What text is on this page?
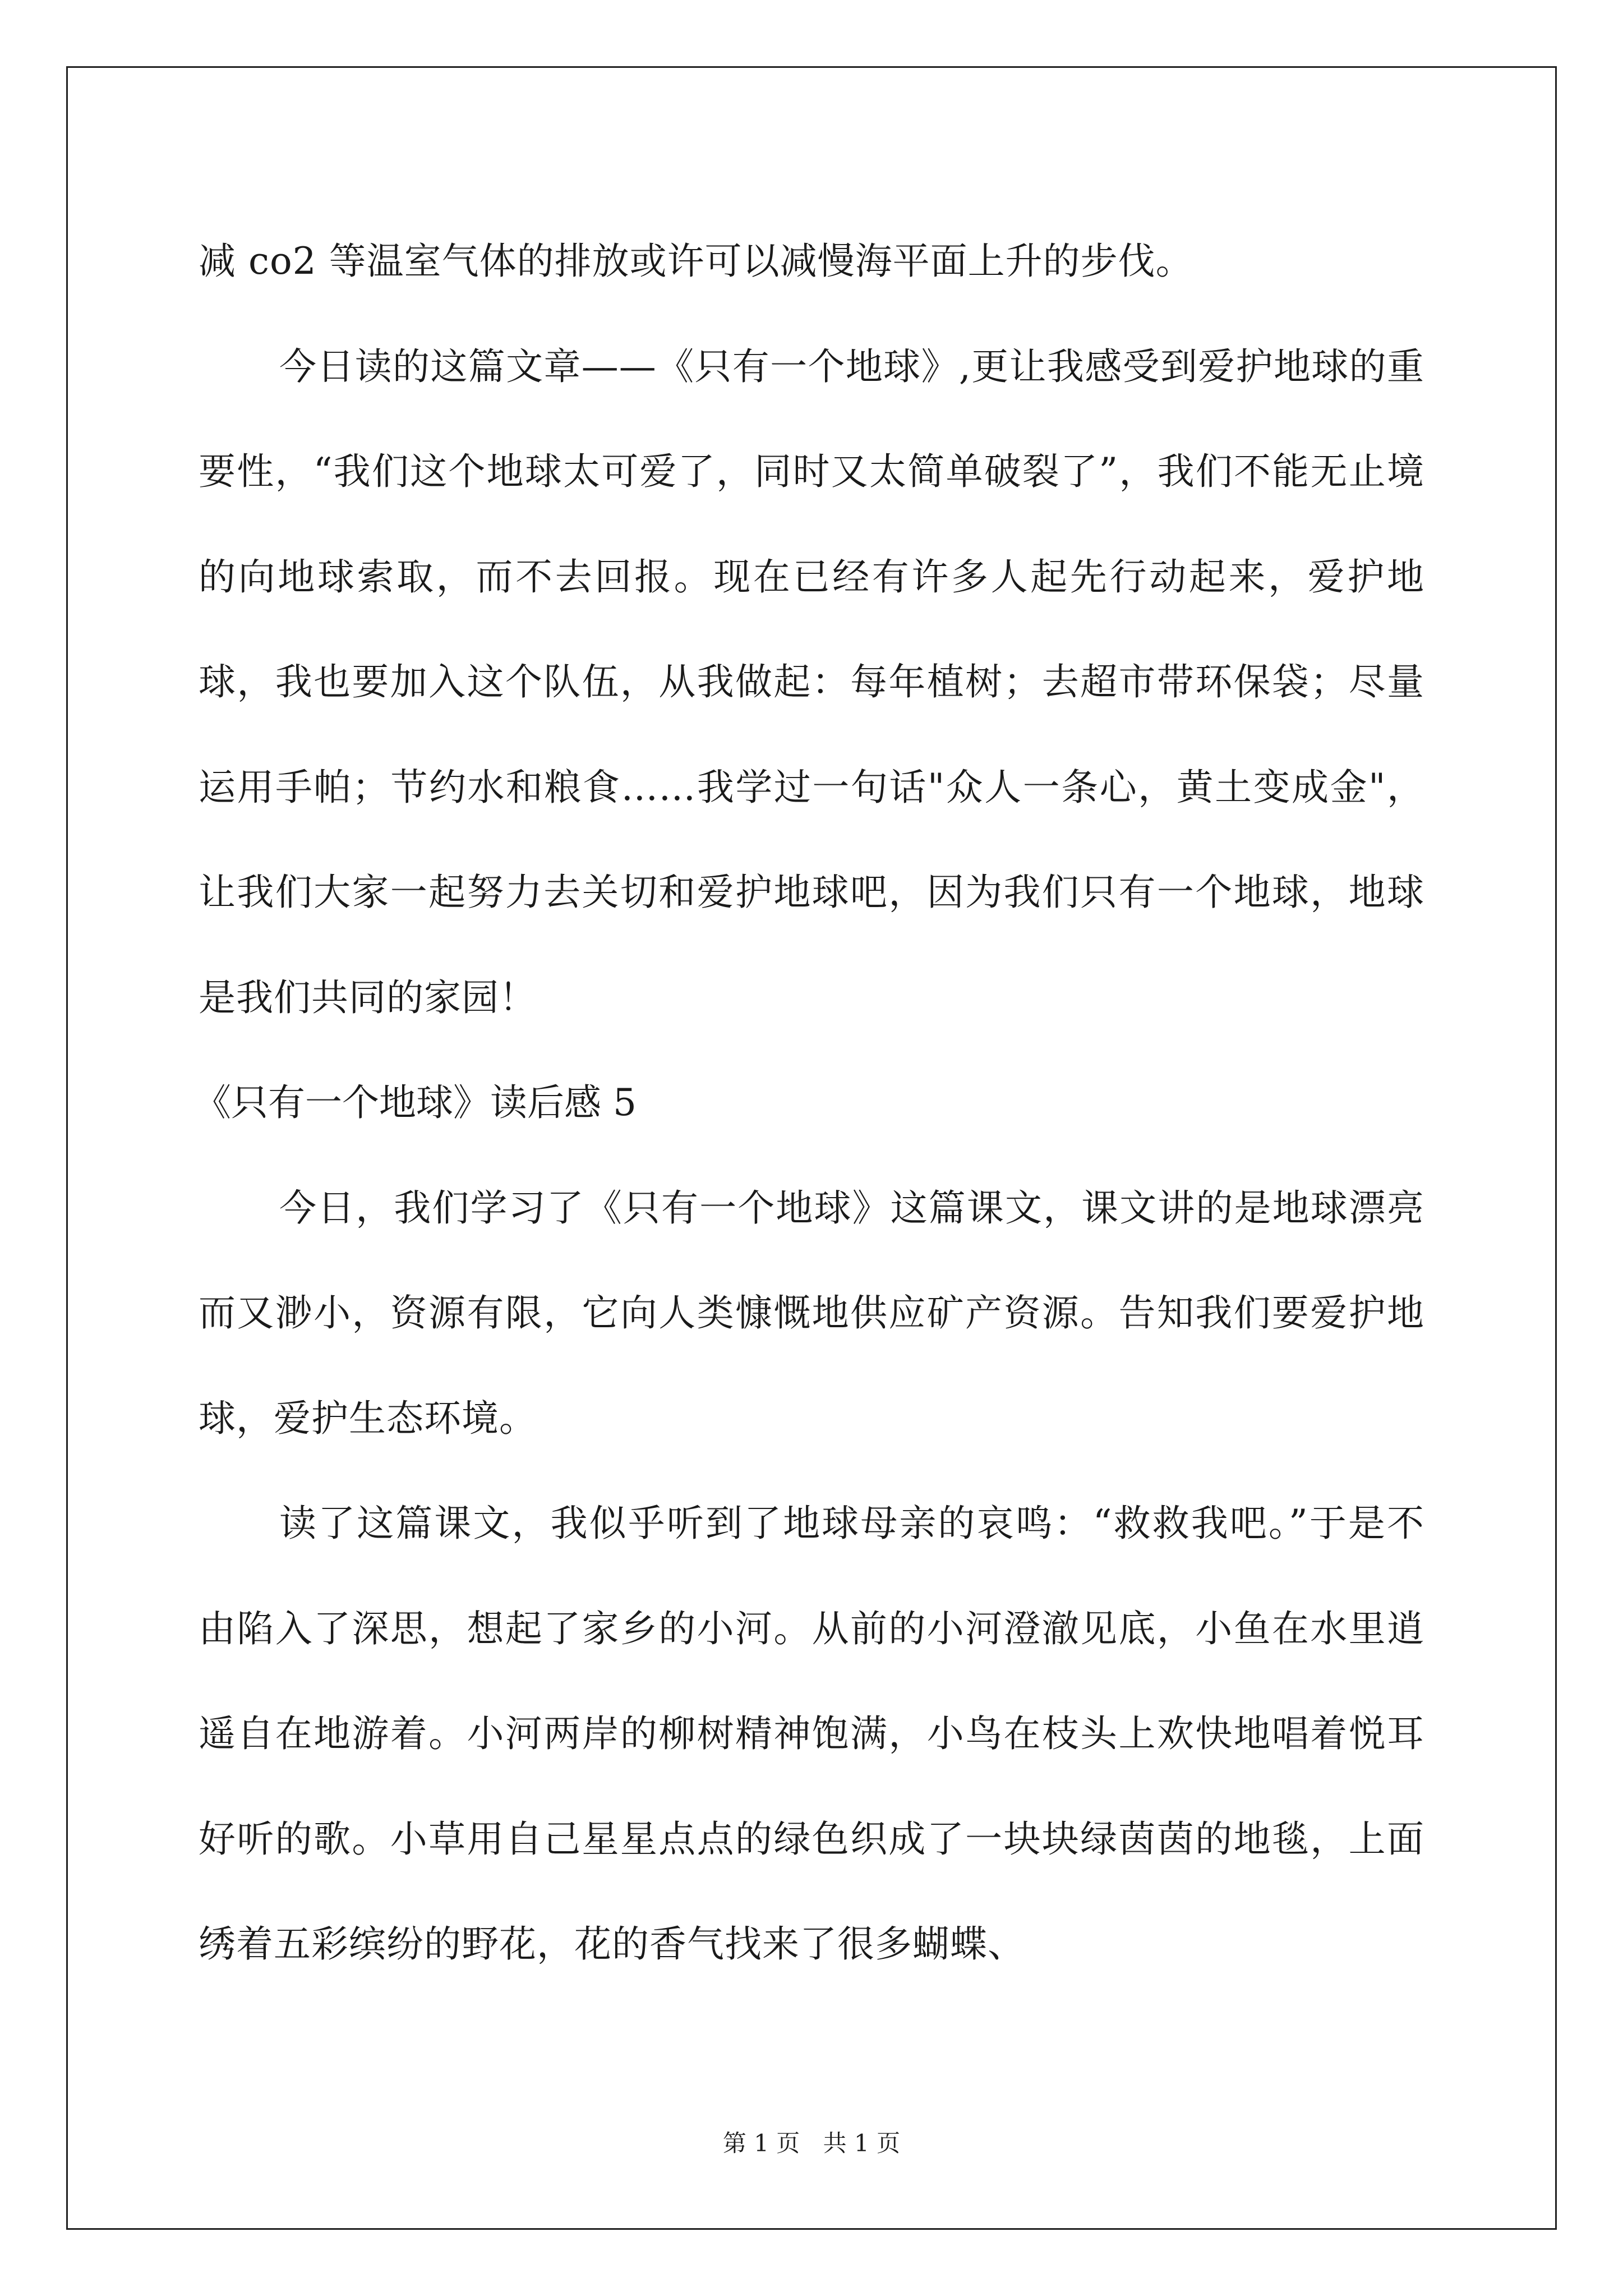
减 co2 等温室气体的排放或许可以减慢海平面上升的步伐。

今日读的这篇文章——《只有一个地球》,更让我感受到爱护地球的重要性，“我们这个地球太可爱了，同时又太简单破裂了”，我们不能无止境的向地球索取，而不去回报。现在已经有许多人起先行动起来，爱护地球，我也要加入这个队伍，从我做起：每年植树；去超市带环保袋；尽量运用手帕；节约水和粮食……我学过一句话"众人一条心，黄土变成金"，让我们大家一起努力去关切和爱护地球吧，因为我们只有一个地球，地球是我们共同的家园！

《只有一个地球》读后感 5

今日，我们学习了《只有一个地球》这篇课文，课文讲的是地球漂亮而又渺小，资源有限，它向人类慷慨地供应矿产资源。告知我们要爱护地球，爱护生态环境。

读了这篇课文，我似乎听到了地球母亲的哀鸣：“救救我吧。”于是不由陷入了深思，想起了家乡的小河。从前的小河澄澈见底，小鱼在水里逍遥自在地游着。小河两岸的柳树精神饱满，小鸟在枝头上欢快地唱着悦耳好听的歌。小草用自己星星点点的绿色织成了一块块绿茵茵的地毯，上面绣着五彩缤纷的野花，花的香气找来了很多蝴蝶、

第 1 页 共 1 页
